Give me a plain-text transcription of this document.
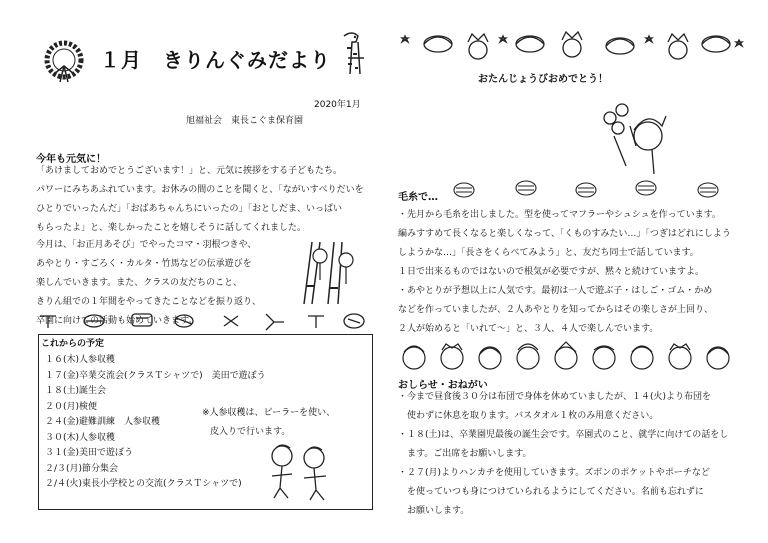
１月　きりんぐみだより
2020年1月
旭福祉会　東長こぐま保育園
今年も元気に！
「あけましておめでとうございます！」と、元気に挨拶をする子どもたち。
パワーにみちあふれています。お休みの間のことを聞くと、「ながいすべりだいを
ひとりでいったんだ」「おばあちゃんちにいったの」「おとしだま、いっぱい
もらったよ」と、楽しかったことを嬉しそうに話してくれました。
今月は、「お正月あそび」でやったコマ・羽根つきや、
あやとり・すごろく・カルタ・竹馬などの伝承遊びを
楽しんでいきます。また、クラスの友だちのこと、
きりん組での１年間をやってきたことなどを振り返り、
卒園に向けての活動も始めていきます。
これからの予定
１６(木)人参収穫
１７(金)卒業交流会(クラスＴシャツで)　美田で遊ぼう
１８(土)誕生会
２０(月)検便
２４(金)避難訓練　人参収穫
３０(木)人参収穫
３１(金)美田で遊ぼう
２/３(月)節分集会
２/４(火)東長小学校との交流(クラスＴシャツで)
※人参収穫は、ピーラーを使い、
皮入りで行います。
おたんじょうびおめでとう！
毛糸で…
・先月から毛糸を出しました。型を使ってマフラーやシュシュを作っています。
編みすすめて長くなると楽しくなって、「くものすみたい…」「つぎはどれにしよう
しようかな…」「長さをくらべてみよう」と、友だち同士で話しています。
１日で出来るものではないので根気が必要ですが、黙々と続けていますよ。
・あやとりが予想以上に人気です。最初は一人で遊ぶ子・はしご・ゴム・かめ
などを作っていましたが、２人あやとりを知ってからはその楽しさが上回り、
２人が始めると「いれて〜」と、３人、４人で楽しんでいます。
おしらせ・おねがい
・今まで昼食後３０分は布団で身体を休めていましたが、１４(火)より布団を
　使わずに休息を取ります。バスタオル１枚のみ用意ください。
・１８(土)は、卒業園児最後の誕生会です。卒園式のこと、就学に向けての話をし
　ます。ご出席をお願いします。
・２７(月)よりハンカチを使用していきます。ズボンのポケットやポーチなど
　を使っていつも身につけていられるようにしてください。名前も忘れずに
　お願いします。
